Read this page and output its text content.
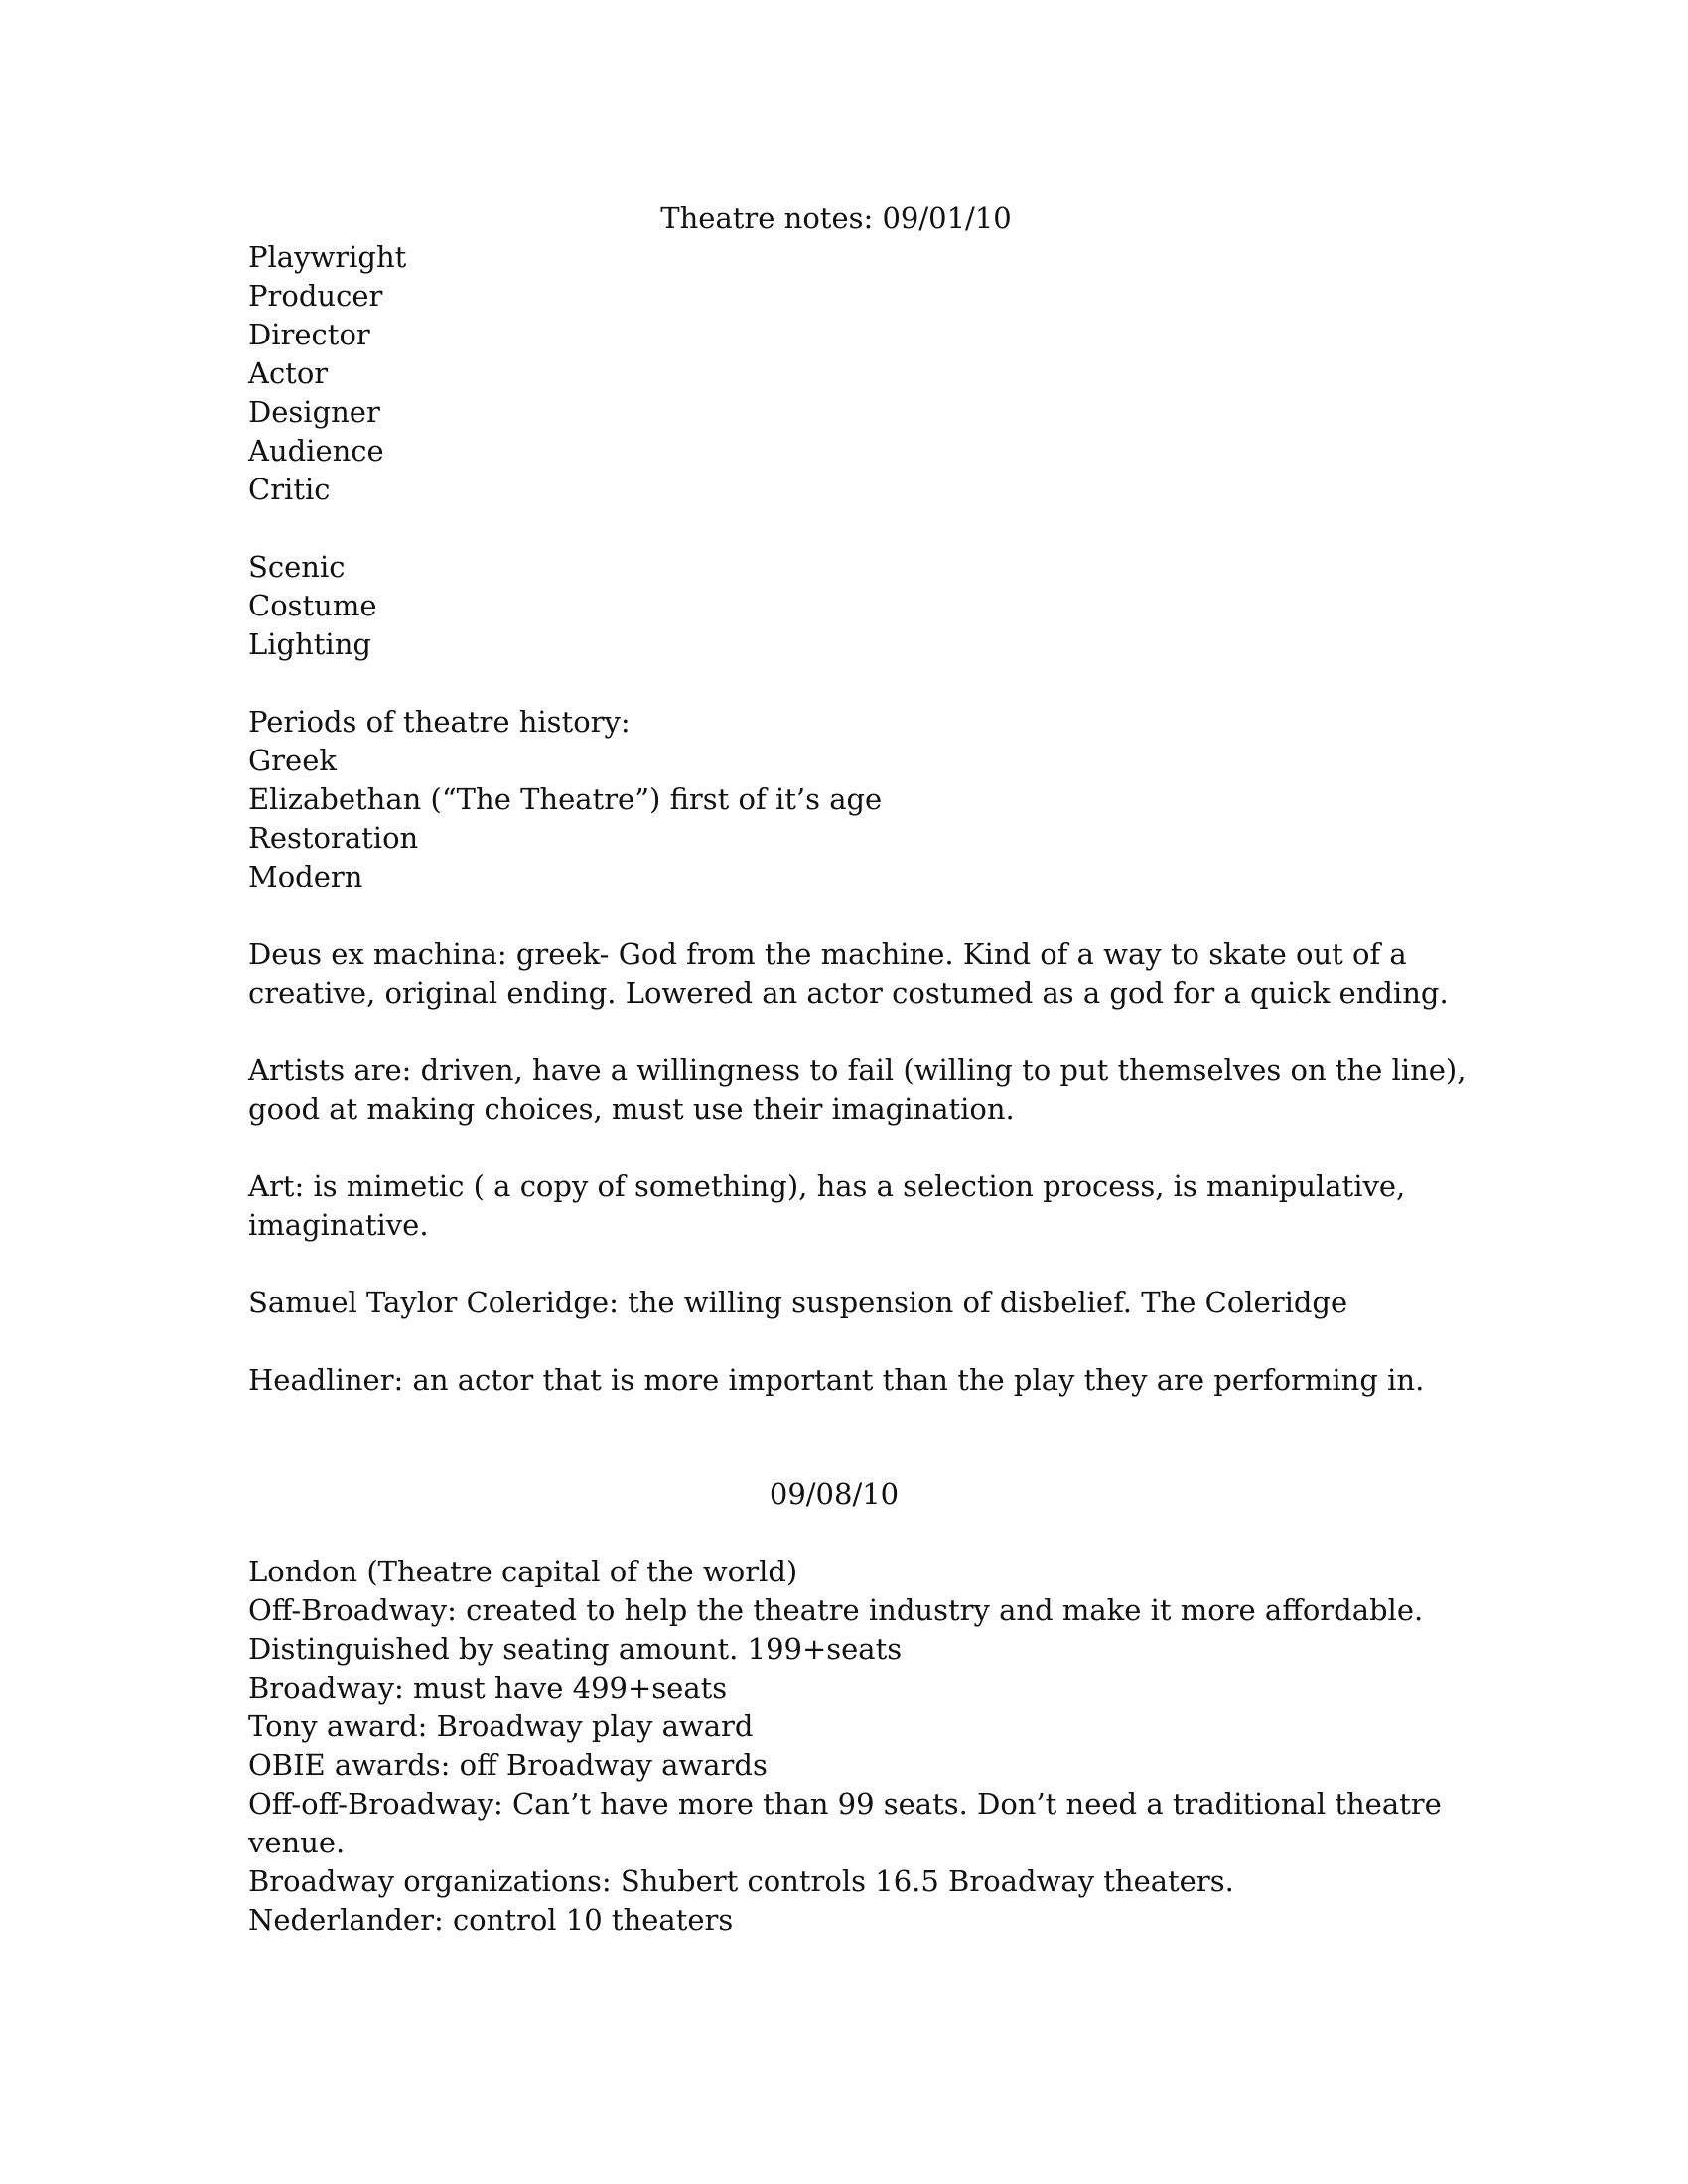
Theatre notes: 09/01/10
Playwright
Producer
Director
Actor
Designer
Audience
Critic
Scenic
Costume
Lighting
Periods of theatre history:
Greek
Elizabethan (“The Theatre”) first of it’s age
Restoration
Modern
Deus ex machina: greek- God from the machine. Kind of a way to skate out of a
creative, original ending. Lowered an actor costumed as a god for a quick ending.
Artists are: driven, have a willingness to fail (willing to put themselves on the line),
good at making choices, must use their imagination.
Art: is mimetic ( a copy of something), has a selection process, is manipulative,
imaginative.
Samuel Taylor Coleridge: the willing suspension of disbelief. The Coleridge
Headliner: an actor that is more important than the play they are performing in.
09/08/10
London (Theatre capital of the world)
Off-Broadway: created to help the theatre industry and make it more affordable.
Distinguished by seating amount. 199+seats
Broadway: must have 499+seats
Tony award: Broadway play award
OBIE awards: off Broadway awards
Off-off-Broadway: Can’t have more than 99 seats. Don’t need a traditional theatre
venue.
Broadway organizations: Shubert controls 16.5 Broadway theaters.
Nederlander: control 10 theaters
